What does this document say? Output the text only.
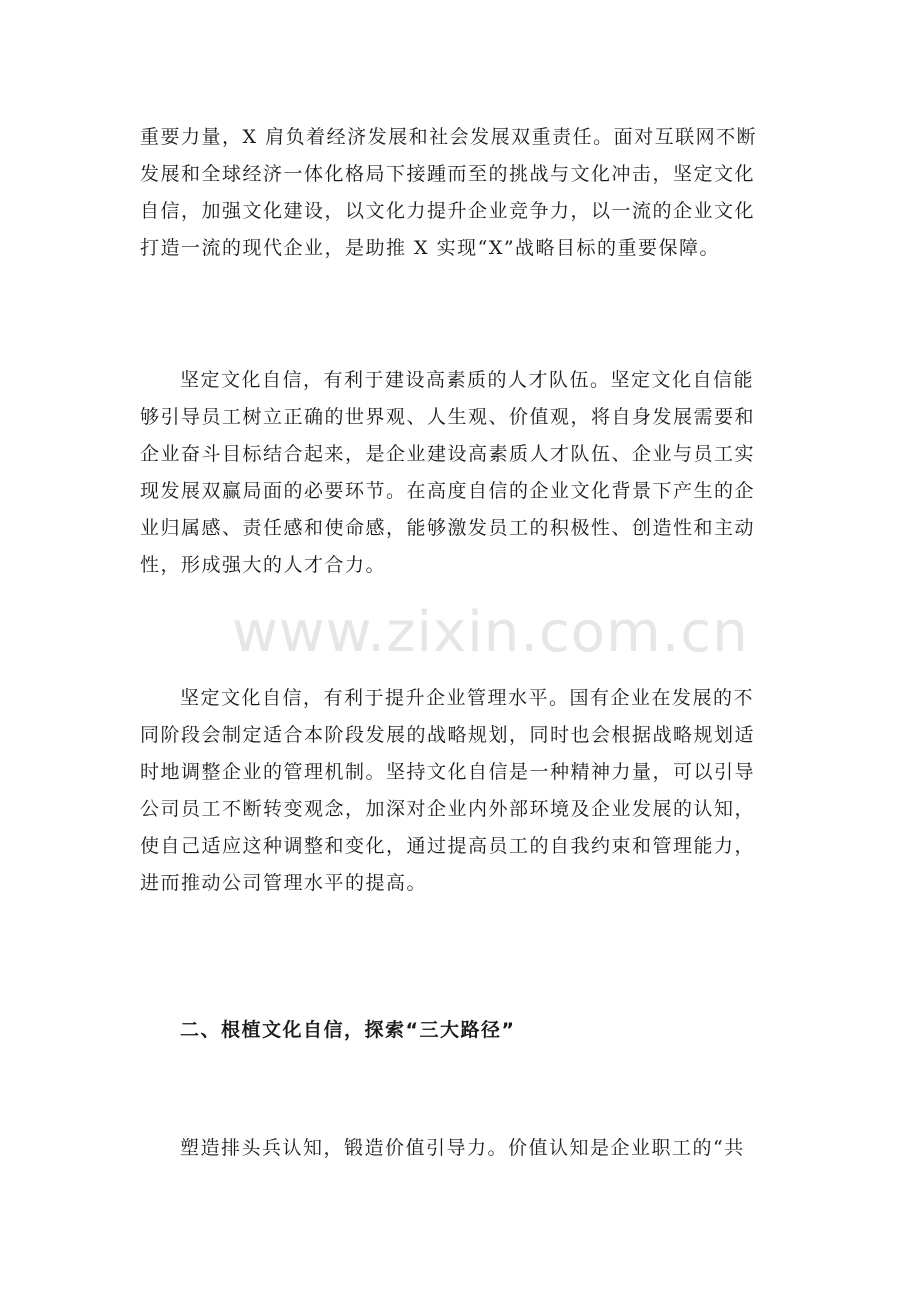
www.zixin.com.cn
重要力量，X 肩负着经济发展和社会发展双重责任。面对互联网不断
发展和全球经济一体化格局下接踵而至的挑战与文化冲击，坚定文化
自信，加强文化建设，以文化力提升企业竞争力，以一流的企业文化
打造一流的现代企业，是助推 X 实现“X”战略目标的重要保障。
坚定文化自信，有利于建设高素质的人才队伍。坚定文化自信能
够引导员工树立正确的世界观、人生观、价值观，将自身发展需要和
企业奋斗目标结合起来，是企业建设高素质人才队伍、企业与员工实
现发展双赢局面的必要环节。在高度自信的企业文化背景下产生的企
业归属感、责任感和使命感，能够激发员工的积极性、创造性和主动
性，形成强大的人才合力。
坚定文化自信，有利于提升企业管理水平。国有企业在发展的不
同阶段会制定适合本阶段发展的战略规划，同时也会根据战略规划适
时地调整企业的管理机制。坚持文化自信是一种精神力量，可以引导
公司员工不断转变观念，加深对企业内外部环境及企业发展的认知，
使自己适应这种调整和变化，通过提高员工的自我约束和管理能力，
进而推动公司管理水平的提高。
二、根植文化自信，探索“三大路径”
塑造排头兵认知，锻造价值引导力。价值认知是企业职工的“共
